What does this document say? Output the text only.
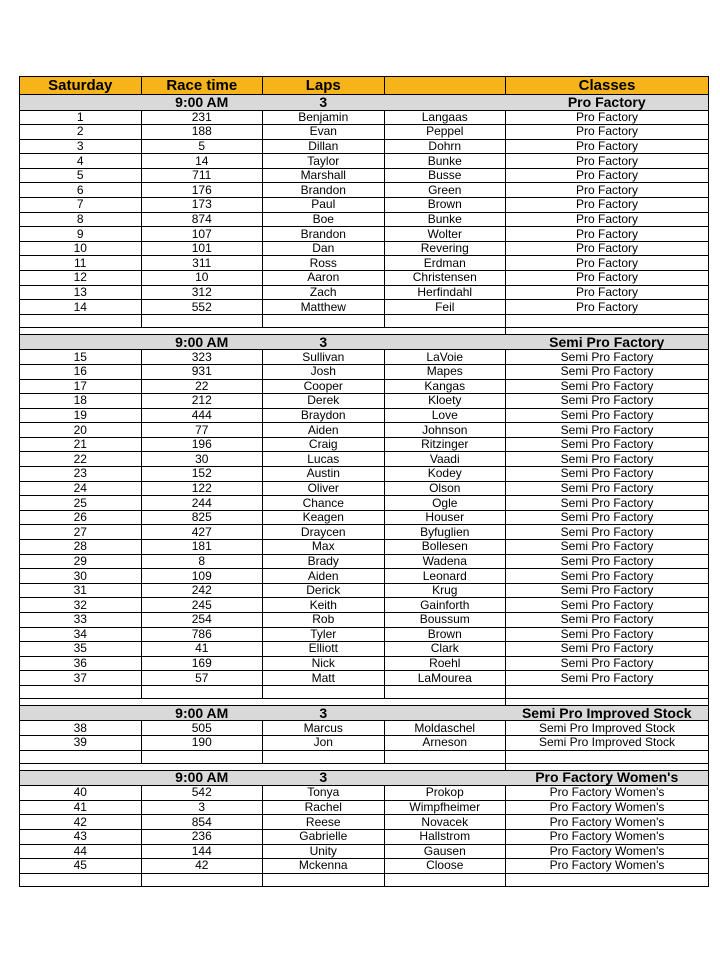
Saturday	Race time	Laps		Classes
	9:00 AM	3		Pro Factory
1	231	Benjamin	Langaas	Pro Factory
2	188	Evan	Peppel	Pro Factory
3	5	Dillan	Dohrn	Pro Factory
4	14	Taylor	Bunke	Pro Factory
5	711	Marshall	Busse	Pro Factory
6	176	Brandon	Green	Pro Factory
7	173	Paul	Brown	Pro Factory
8	874	Boe	Bunke	Pro Factory
9	107	Brandon	Wolter	Pro Factory
10	101	Dan	Revering	Pro Factory
11	311	Ross	Erdman	Pro Factory
12	10	Aaron	Christensen	Pro Factory
13	312	Zach	Herfindahl	Pro Factory
14	552	Matthew	Feil	Pro Factory

	9:00 AM	3		Semi Pro Factory
15	323	Sullivan	LaVoie	Semi Pro Factory
16	931	Josh	Mapes	Semi Pro Factory
17	22	Cooper	Kangas	Semi Pro Factory
18	212	Derek	Kloety	Semi Pro Factory
19	444	Braydon	Love	Semi Pro Factory
20	77	Aiden	Johnson	Semi Pro Factory
21	196	Craig	Ritzinger	Semi Pro Factory
22	30	Lucas	Vaadi	Semi Pro Factory
23	152	Austin	Kodey	Semi Pro Factory
24	122	Oliver	Olson	Semi Pro Factory
25	244	Chance	Ogle	Semi Pro Factory
26	825	Keagen	Houser	Semi Pro Factory
27	427	Draycen	Byfuglien	Semi Pro Factory
28	181	Max	Bollesen	Semi Pro Factory
29	8	Brady	Wadena	Semi Pro Factory
30	109	Aiden	Leonard	Semi Pro Factory
31	242	Derick	Krug	Semi Pro Factory
32	245	Keith	Gainforth	Semi Pro Factory
33	254	Rob	Boussum	Semi Pro Factory
34	786	Tyler	Brown	Semi Pro Factory
35	41	Elliott	Clark	Semi Pro Factory
36	169	Nick	Roehl	Semi Pro Factory
37	57	Matt	LaMourea	Semi Pro Factory

	9:00 AM	3		Semi Pro Improved Stock
38	505	Marcus	Moldaschel	Semi Pro Improved Stock
39	190	Jon	Arneson	Semi Pro Improved Stock

	9:00 AM	3		Pro Factory Women's
40	542	Tonya	Prokop	Pro Factory Women's
41	3	Rachel	Wimpfheimer	Pro Factory Women's
42	854	Reese	Novacek	Pro Factory Women's
43	236	Gabrielle	Hallstrom	Pro Factory Women's
44	144	Unity	Gausen	Pro Factory Women's
45	42	Mckenna	Cloose	Pro Factory Women's
